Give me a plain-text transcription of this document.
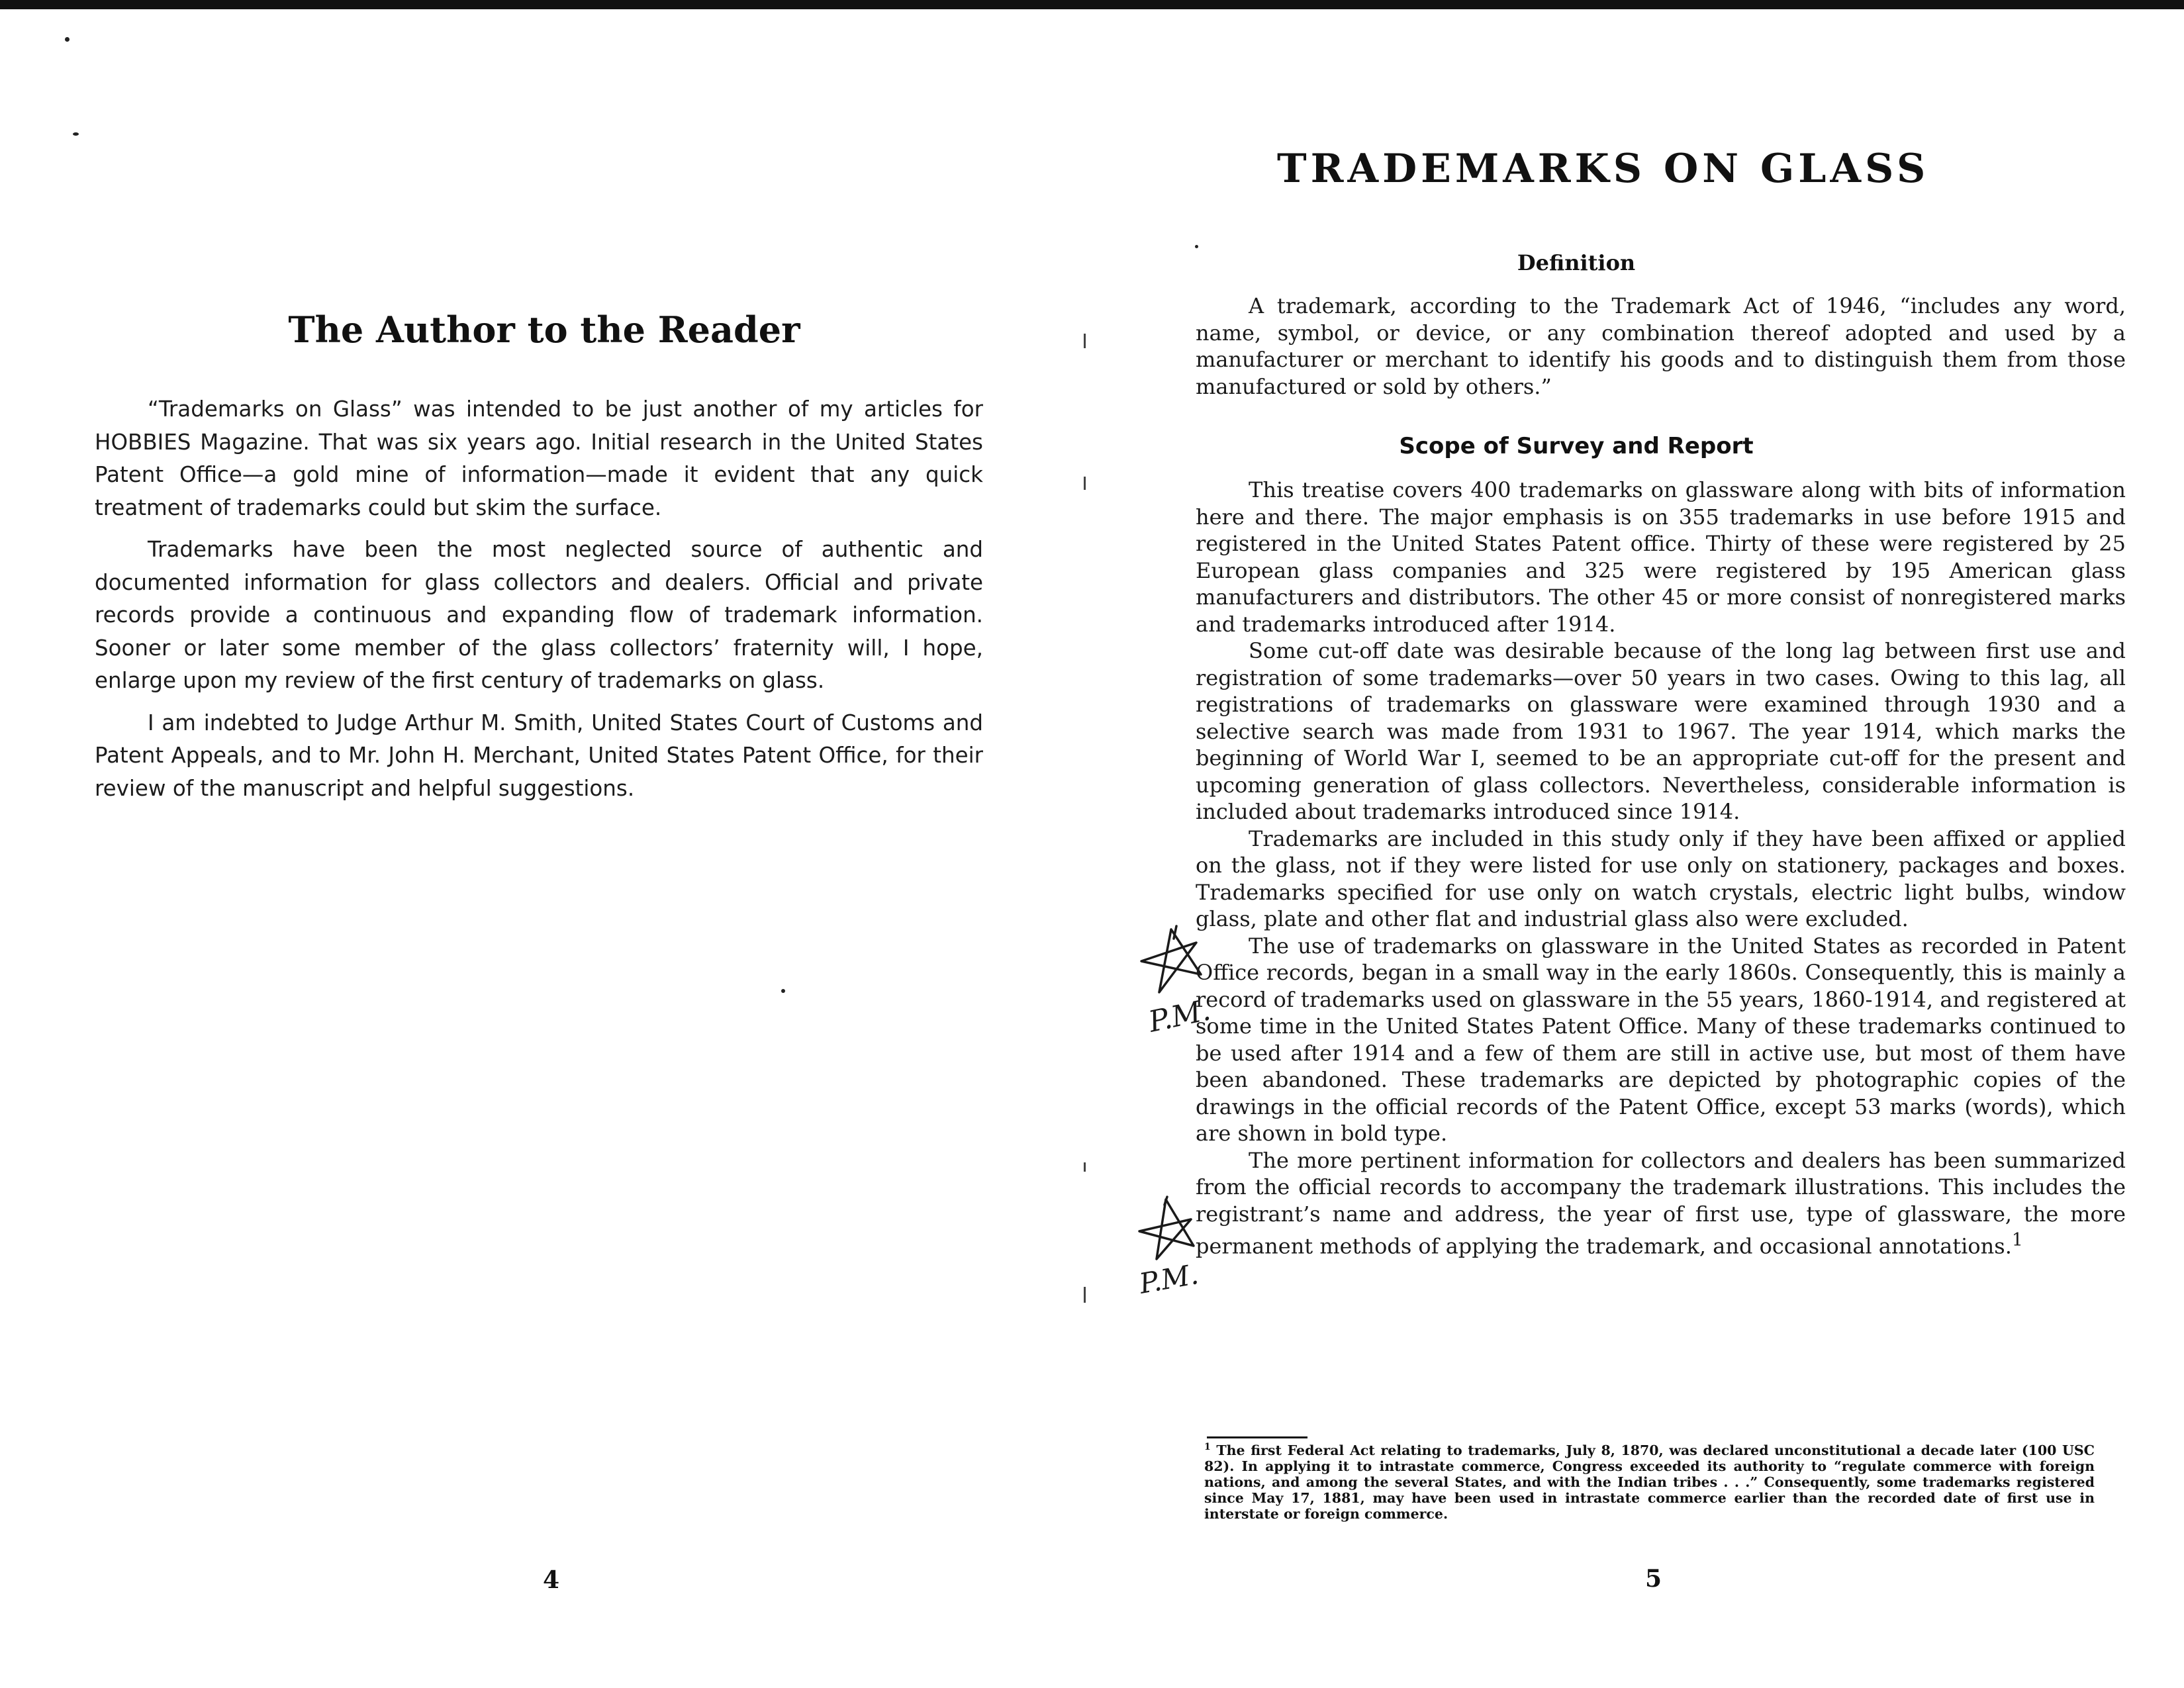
The Author to the Reader

“Trademarks on Glass” was intended to be just another of my articles for HOBBIES Magazine. That was six years ago. Initial research in the United States Patent Office—a gold mine of information—made it evident that any quick treatment of trademarks could but skim the surface.

Trademarks have been the most neglected source of authentic and documented information for glass collectors and dealers. Official and private records provide a continuous and expanding flow of trademark information. Sooner or later some member of the glass collectors’ fraternity will, I hope, enlarge upon my review of the first century of trademarks on glass.

I am indebted to Judge Arthur M. Smith, United States Court of Customs and Patent Appeals, and to Mr. John H. Merchant, United States Patent Office, for their review of the manuscript and helpful suggestions.

4
TRADEMARKS ON GLASS
Definition

A trademark, according to the Trademark Act of 1946, “includes any word, name, symbol, or device, or any combination thereof adopted and used by a manufacturer or merchant to identify his goods and to distinguish them from those manufactured or sold by others.”

Scope of Survey and Report

This treatise covers 400 trademarks on glassware along with bits of information here and there. The major emphasis is on 355 trademarks in use before 1915 and registered in the United States Patent office. Thirty of these were registered by 25 European glass companies and 325 were registered by 195 American glass manufacturers and distributors. The other 45 or more consist of nonregistered marks and trademarks introduced after 1914.

Some cut-off date was desirable because of the long lag between first use and registration of some trademarks—over 50 years in two cases. Owing to this lag, all registrations of trademarks on glassware were examined through 1930 and a selective search was made from 1931 to 1967. The year 1914, which marks the beginning of World War I, seemed to be an appropriate cut-off for the present and upcoming generation of glass collectors. Nevertheless, considerable information is included about trademarks introduced since 1914.

Trademarks are included in this study only if they have been affixed or applied on the glass, not if they were listed for use only on stationery, packages and boxes. Trademarks specified for use only on watch crystals, electric light bulbs, window glass, plate and other flat and industrial glass also were excluded.

The use of trademarks on glassware in the United States as recorded in Patent Office records, began in a small way in the early 1860s. Consequently, this is mainly a record of trademarks used on glassware in the 55 years, 1860-1914, and registered at some time in the United States Patent Office. Many of these trademarks continued to be used after 1914 and a few of them are still in active use, but most of them have been abandoned. These trademarks are depicted by photographic copies of the drawings in the official records of the Patent Office, except 53 marks (words), which are shown in bold type.

The more pertinent information for collectors and dealers has been summarized from the official records to accompany the trademark illustrations. This includes the registrant’s name and address, the year of first use, type of glassware, the more permanent methods of applying the trademark, and occasional annotations.$^1$

P.M.
P.M.
$^1$ The first Federal Act relating to trademarks, July 8, 1870, was declared unconstitutional a decade later (100 USC 82). In applying it to intrastate commerce, Congress exceeded its authority to “regulate commerce with foreign nations, and among the several States, and with the Indian tribes . . .” Consequently, some trademarks registered since May 17, 1881, may have been used in intrastate commerce earlier than the recorded date of first use in interstate or foreign commerce.
5
